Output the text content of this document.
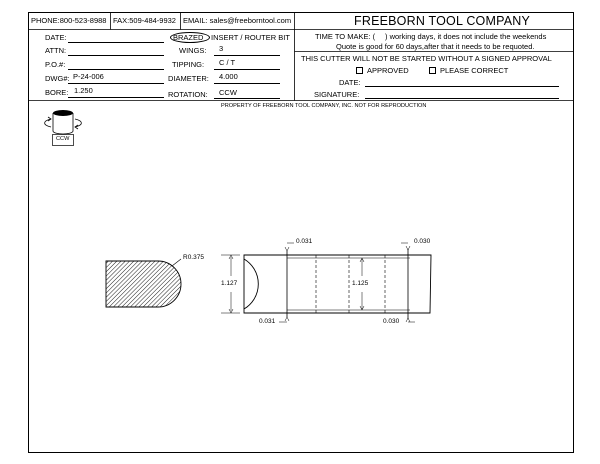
PHONE:800-523-8988 FAX:509-484-9932 EMAIL: sales@freeborntool.com	FREEBORN TOOL COMPANY
DATE:
ATTN:
P.O.#:
DWG#: P-24-006
BORE: 1.250
BRAZED INSERT / ROUTER BIT
WINGS: 3
TIPPING: C / T
DIAMETER: 4.000
ROTATION: CCW
TIME TO MAKE: ( ) working days, it does not include the weekends
Quote is good for 60 days,after that it needs to be requoted.
THIS CUTTER WILL NOT BE STARTED WITHOUT A SIGNED APPROVAL
APPROVED	PLEASE CORRECT
DATE:
SIGNATURE:
PROPERTY OF FREEBORN TOOL COMPANY, INC. NOT FOR REPRODUCTION
CCW
R0.375
1.127	1.125
0.031	0.030
0.031	0.030
